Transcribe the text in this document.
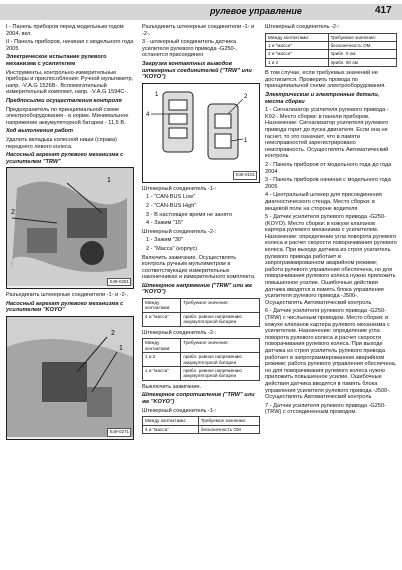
рулевое управление	417

I - Панель приборов перед модельным годом 2004, вкл.

II - Панель приборов, начиная с модельного года 2005

Электрическое испытание рулевого механизма с усилителем

Инструменты, контрольно-измерительные приборы и приспособления: Ручной мультиметр, напр. -V.A.G 1526B-. Вспомогательный измерительный комплект, напр. -V.A.G 1594C-.

Предпосылки осуществления контроля

Предохранитель по принципиальной схеме электрооборудования - в норме. Минимальное напряжение аккумуляторной батареи - 11,5 В.

Ход выполнения работ

Удалить вкладыш колесной ниши (справа) переднего левого колеса.

Насосный агрегат рулевого механизма с усилителем "TRW"
1
2
S49-0281

Разъединить штекерные соединители -1- и -2-.

Насосный агрегат рулевого механизма с усилителем "KOYO"
2
1
S49-0271

Разъединить штекерные соединители -1- и -2-.

3 - штекерный соединитель датчика усилителя рулевого привода -G250-, останется присоединен

Загрузка контактных выводов штекерных соединителей ("TRW" или "KOYO")
4
1	2
1
S49-0101

Штекерный соединитель -1-:

1 - "CAN-BUS Low"

2 - "CAN-BUS High"

3 - В настоящее время не занято

4 - Зажим "15"

Штекерный соединитель -2-:

1 - Зажим "30"

2 - "Масса" (корпус)

Включить зажигание. Осуществлять контроль ручным мультиметром в соответствующих измерительных наконечниках и измерительного комплекта.

Штекерное напряжение ("TRW" или же "KOYO")
Между контактами:	Требуемое значение:
4 и "масса"	прибл. равное напряжению аккумуляторной батареи

Штекерный соединитель -2-:

Между контактами:	Требуемое значение:
1 и 2	прибл. равное напряжению аккумуляторной батареи
1 и "масса"	прибл. равное напряжению аккумуляторной батареи

Выключить зажигание.

Штекерное сопротивление ("TRW" или же "KOYO")

Штекерный соединитель -1-:

Между контактами:	Требуемое значение:
4 и "масса"	бесконечность ОМ

Штекерный соединитель -2-:

Между контактами:	Требуемое значение:
1 и "масса"	бесконечность ОМ
2 и "масса"	прибл. 0 ом
1 и 2	прибл. 60 ом

В том случае, если требуемых значений не достигается. Проверить провода по принципиальной схеме электрооборудования.

Электрические и электронные детали, места сборки

1 - Сигнализатор усилителя рулевого привода -K92-. Место сборки: в панели приборов. Назначение: Сигнализатор усилителя рулевого привода горит до пуска двигателя. Если она не гаснет, то это означает, что в памяти неисправностей зарегистрировано неисправность. Осуществлять Автоматический контроль

2 - Панель приборов от модельного года до года 2004

3 - Панель приборов начиная с модельного года 2005

4 - Центральный штекер для присоединения диагностического стенда. Место сборки: в вещевой поле на стороне водителя

5 - Датчик усилителя рулевого привода -G250- (KOYO). Место сборки: в кожухе клапанов картера рулевого механизма с усилителем. Назначение: определение угла поворота рулевого колеса и расчет скорости поворачивания рулевого колеса. При выходе датчика из строя усилитель рулевого привода работает в запрограммированном аварийном режиме; работа рулевого управления обеспечена, но для поворачивания рулевого колеса нужно приложить повышенное усилие. Ошибочные действия датчика вводятся в память блока управления усилителя рулевого привода -J500-. Осуществлять Автоматический контроль

6 - Датчик усилителя рулевого привода -G250- (TRW) с числьеным проводом. Место сборки: в кожухе клапанов картера рулевого механизма с усилителем. Назначение: определение угла поворота рулевого колеса и расчет скорости поворачивания рулевого колеса. При выходе датчика из строя усилитель рулевого привода работает в запрограммированном аварийном режиме; работа рулевого управления обеспечена, но для поворачивания рулевого колеса нужно приложить повышенное усилие. Ошибочные действия датчика вводятся в память блока управления усилителя рулевого привода -J500-. Осуществлять Автоматический контроль

7 - Датчик усилителя рулевого привода -G250- (TRW) с отсоединенным проводом.
